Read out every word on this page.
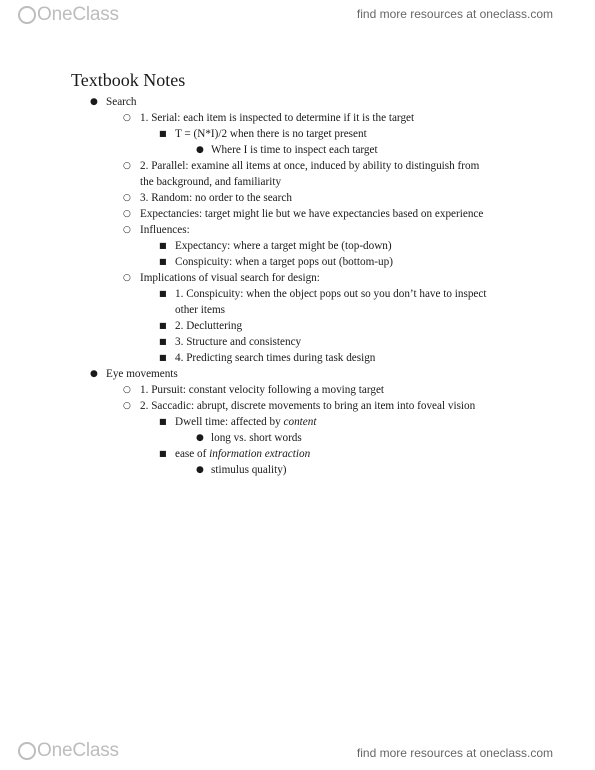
OneClass	find more resources at oneclass.com
Textbook Notes
● Search
○ 1. Serial: each item is inspected to determine if it is the target
■ T = (N*I)/2 when there is no target present
● Where I is time to inspect each target
○ 2. Parallel: examine all items at once, induced by ability to distinguish from
the background, and familiarity
○ 3. Random: no order to the search
○ Expectancies: target might lie but we have expectancies based on experience
○ Influences:
■ Expectancy: where a target might be (top-down)
■ Conspicuity: when a target pops out (bottom-up)
○ Implications of visual search for design:
■ 1. Conspicuity: when the object pops out so you don’t have to inspect
other items
■ 2. Decluttering
■ 3. Structure and consistency
■ 4. Predicting search times during task design
● Eye movements
○ 1. Pursuit: constant velocity following a moving target
○ 2. Saccadic: abrupt, discrete movements to bring an item into foveal vision
■ Dwell time: affected by content
● long vs. short words
■ ease of information extraction
● stimulus quality)
OneClass	find more resources at oneclass.com
